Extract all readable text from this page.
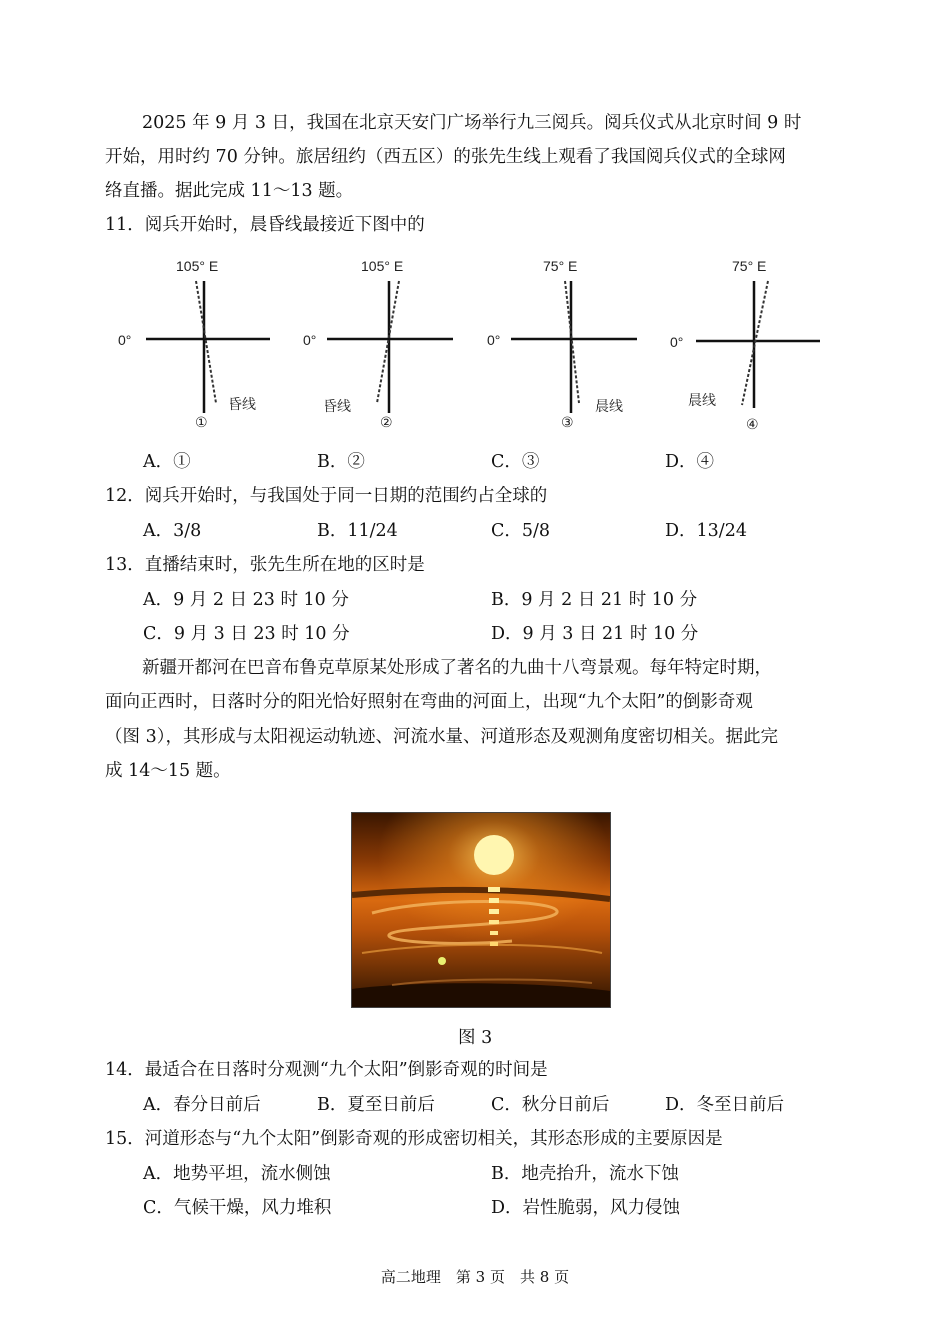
2025 年 9 月 3 日，我国在北京天安门广场举行九三阅兵。阅兵仪式从北京时间 9 时
开始，用时约 70 分钟。旅居纽约（西五区）的张先生线上观看了我国阅兵仪式的全球网
络直播。据此完成 11～13 题。
11．阅兵开始时，晨昏线最接近下图中的
105° E
0°
昏线
①
105° E
0°
昏线
②
75° E
0°
晨线
③
75° E
0°
晨线
④
A．①	B．②	C．③	D．④
12．阅兵开始时，与我国处于同一日期的范围约占全球的
A．3/8	B．11/24	C．5/8	D．13/24
13．直播结束时，张先生所在地的区时是
A．9 月 2 日 23 时 10 分	B．9 月 2 日 21 时 10 分
C．9 月 3 日 23 时 10 分	D．9 月 3 日 21 时 10 分
新疆开都河在巴音布鲁克草原某处形成了著名的九曲十八弯景观。每年特定时期，
面向正西时，日落时分的阳光恰好照射在弯曲的河面上，出现“九个太阳”的倒影奇观
（图 3），其形成与太阳视运动轨迹、河流水量、河道形态及观测角度密切相关。据此完
成 14～15 题。
图 3
14．最适合在日落时分观测“九个太阳”倒影奇观的时间是
A．春分日前后	B．夏至日前后	C．秋分日前后	D．冬至日前后
15．河道形态与“九个太阳”倒影奇观的形成密切相关，其形态形成的主要原因是
A．地势平坦，流水侧蚀	B．地壳抬升，流水下蚀
C．气候干燥，风力堆积	D．岩性脆弱，风力侵蚀
高二地理　第 3 页　共 8 页
